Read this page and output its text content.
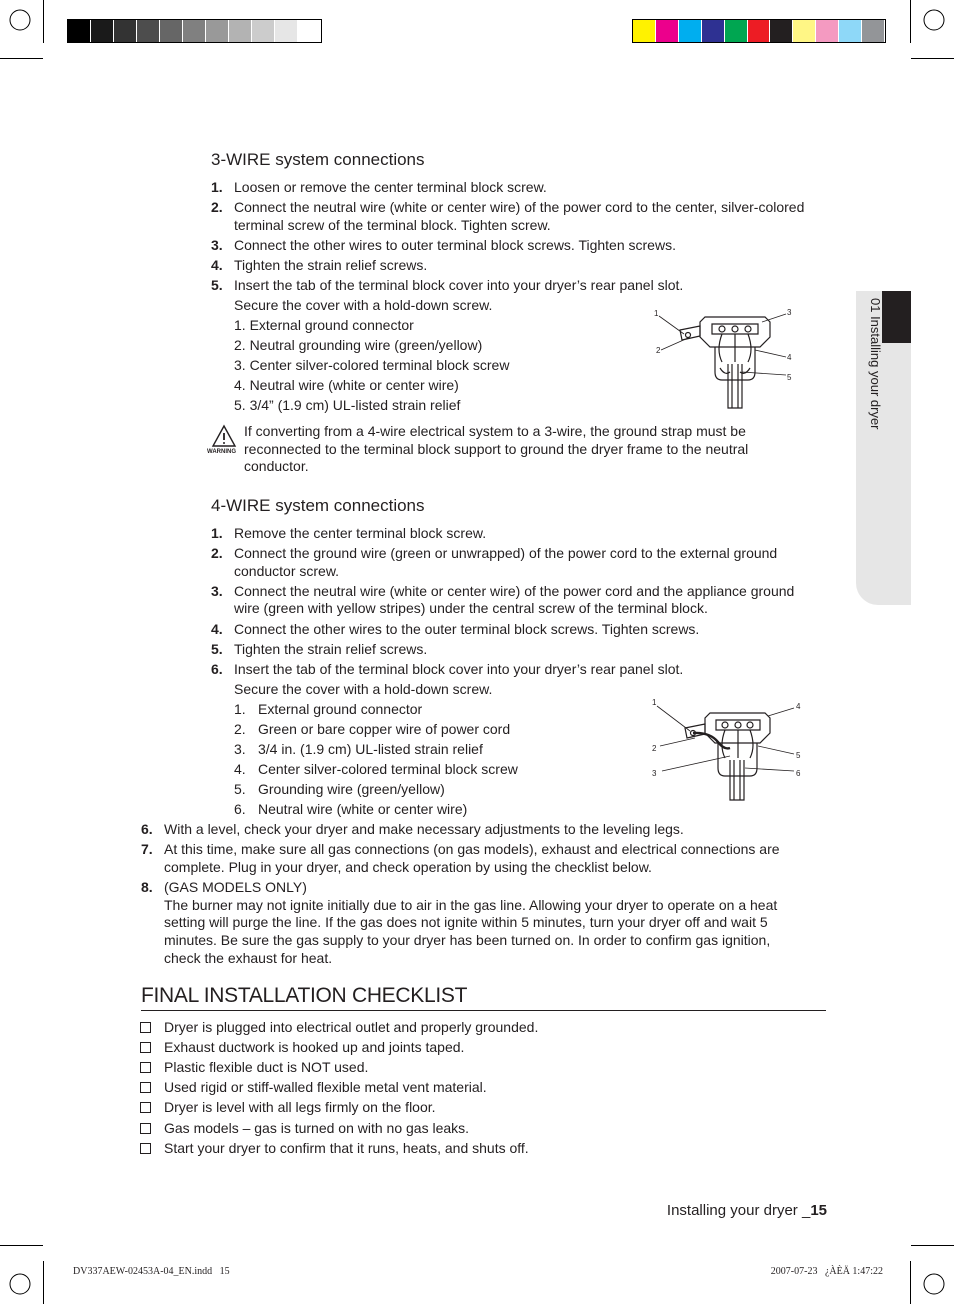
01 Installing your dryer
3-WIRE system connections
1. Loosen or remove the center terminal block screw.
2. Connect the neutral wire (white or center wire) of the power cord to the center, silver-colored
terminal screw of the terminal block. Tighten screw.
3. Connect the other wires to outer terminal block screws. Tighten screws.
4. Tighten the strain relief screws.
5. Insert the tab of the terminal block cover into your dryer’s rear panel slot.
Secure the cover with a hold-down screw.
1. External ground connector
2. Neutral grounding wire (green/yellow)
3. Center silver-colored terminal block screw
4. Neutral wire (white or center wire)
5. 3/4” (1.9 cm) UL-listed strain relief
1
2
3
4
5
WARNING
If converting from a 4-wire electrical system to a 3-wire, the ground strap must be
reconnected to the terminal block support to ground the dryer frame to the neutral
conductor.
4-WIRE system connections
1. Remove the center terminal block screw.
2. Connect the ground wire (green or unwrapped) of the power cord to the external ground
conductor screw.
3. Connect the neutral wire (white or center wire) of the power cord and the appliance ground
wire (green with yellow stripes) under the central screw of the terminal block.
4. Connect the other wires to the outer terminal block screws. Tighten screws.
5. Tighten the strain relief screws.
6. Insert the tab of the terminal block cover into your dryer’s rear panel slot.
Secure the cover with a hold-down screw.
1. External ground connector
2. Green or bare copper wire of power cord
3. 3/4 in. (1.9 cm) UL-listed strain relief
4. Center silver-colored terminal block screw
5. Grounding wire (green/yellow)
6. Neutral wire (white or center wire)
1
2
3
4
5
6
6. With a level, check your dryer and make necessary adjustments to the leveling legs.
7. At this time, make sure all gas connections (on gas models), exhaust and electrical connections are
complete. Plug in your dryer, and check operation by using the checklist below.
8. (GAS MODELS ONLY)
The burner may not ignite initially due to air in the gas line. Allowing your dryer to operate on a heat
setting will purge the line. If the gas does not ignite within 5 minutes, turn your dryer off and wait 5
minutes. Be sure the gas supply to your dryer has been turned on. In order to confirm gas ignition,
check the exhaust for heat.
FINAL INSTALLATION CHECKLIST
Dryer is plugged into electrical outlet and properly grounded.
Exhaust ductwork is hooked up and joints taped.
Plastic flexible duct is NOT used.
Used rigid or stiff-walled flexible metal vent material.
Dryer is level with all legs firmly on the floor.
Gas models – gas is turned on with no gas leaks.
Start your dryer to confirm that it runs, heats, and shuts off.
Installing your dryer _15
DV337AEW-02453A-04_EN.indd   15	2007-07-23   ¿ÀÈÄ 1:47:22
